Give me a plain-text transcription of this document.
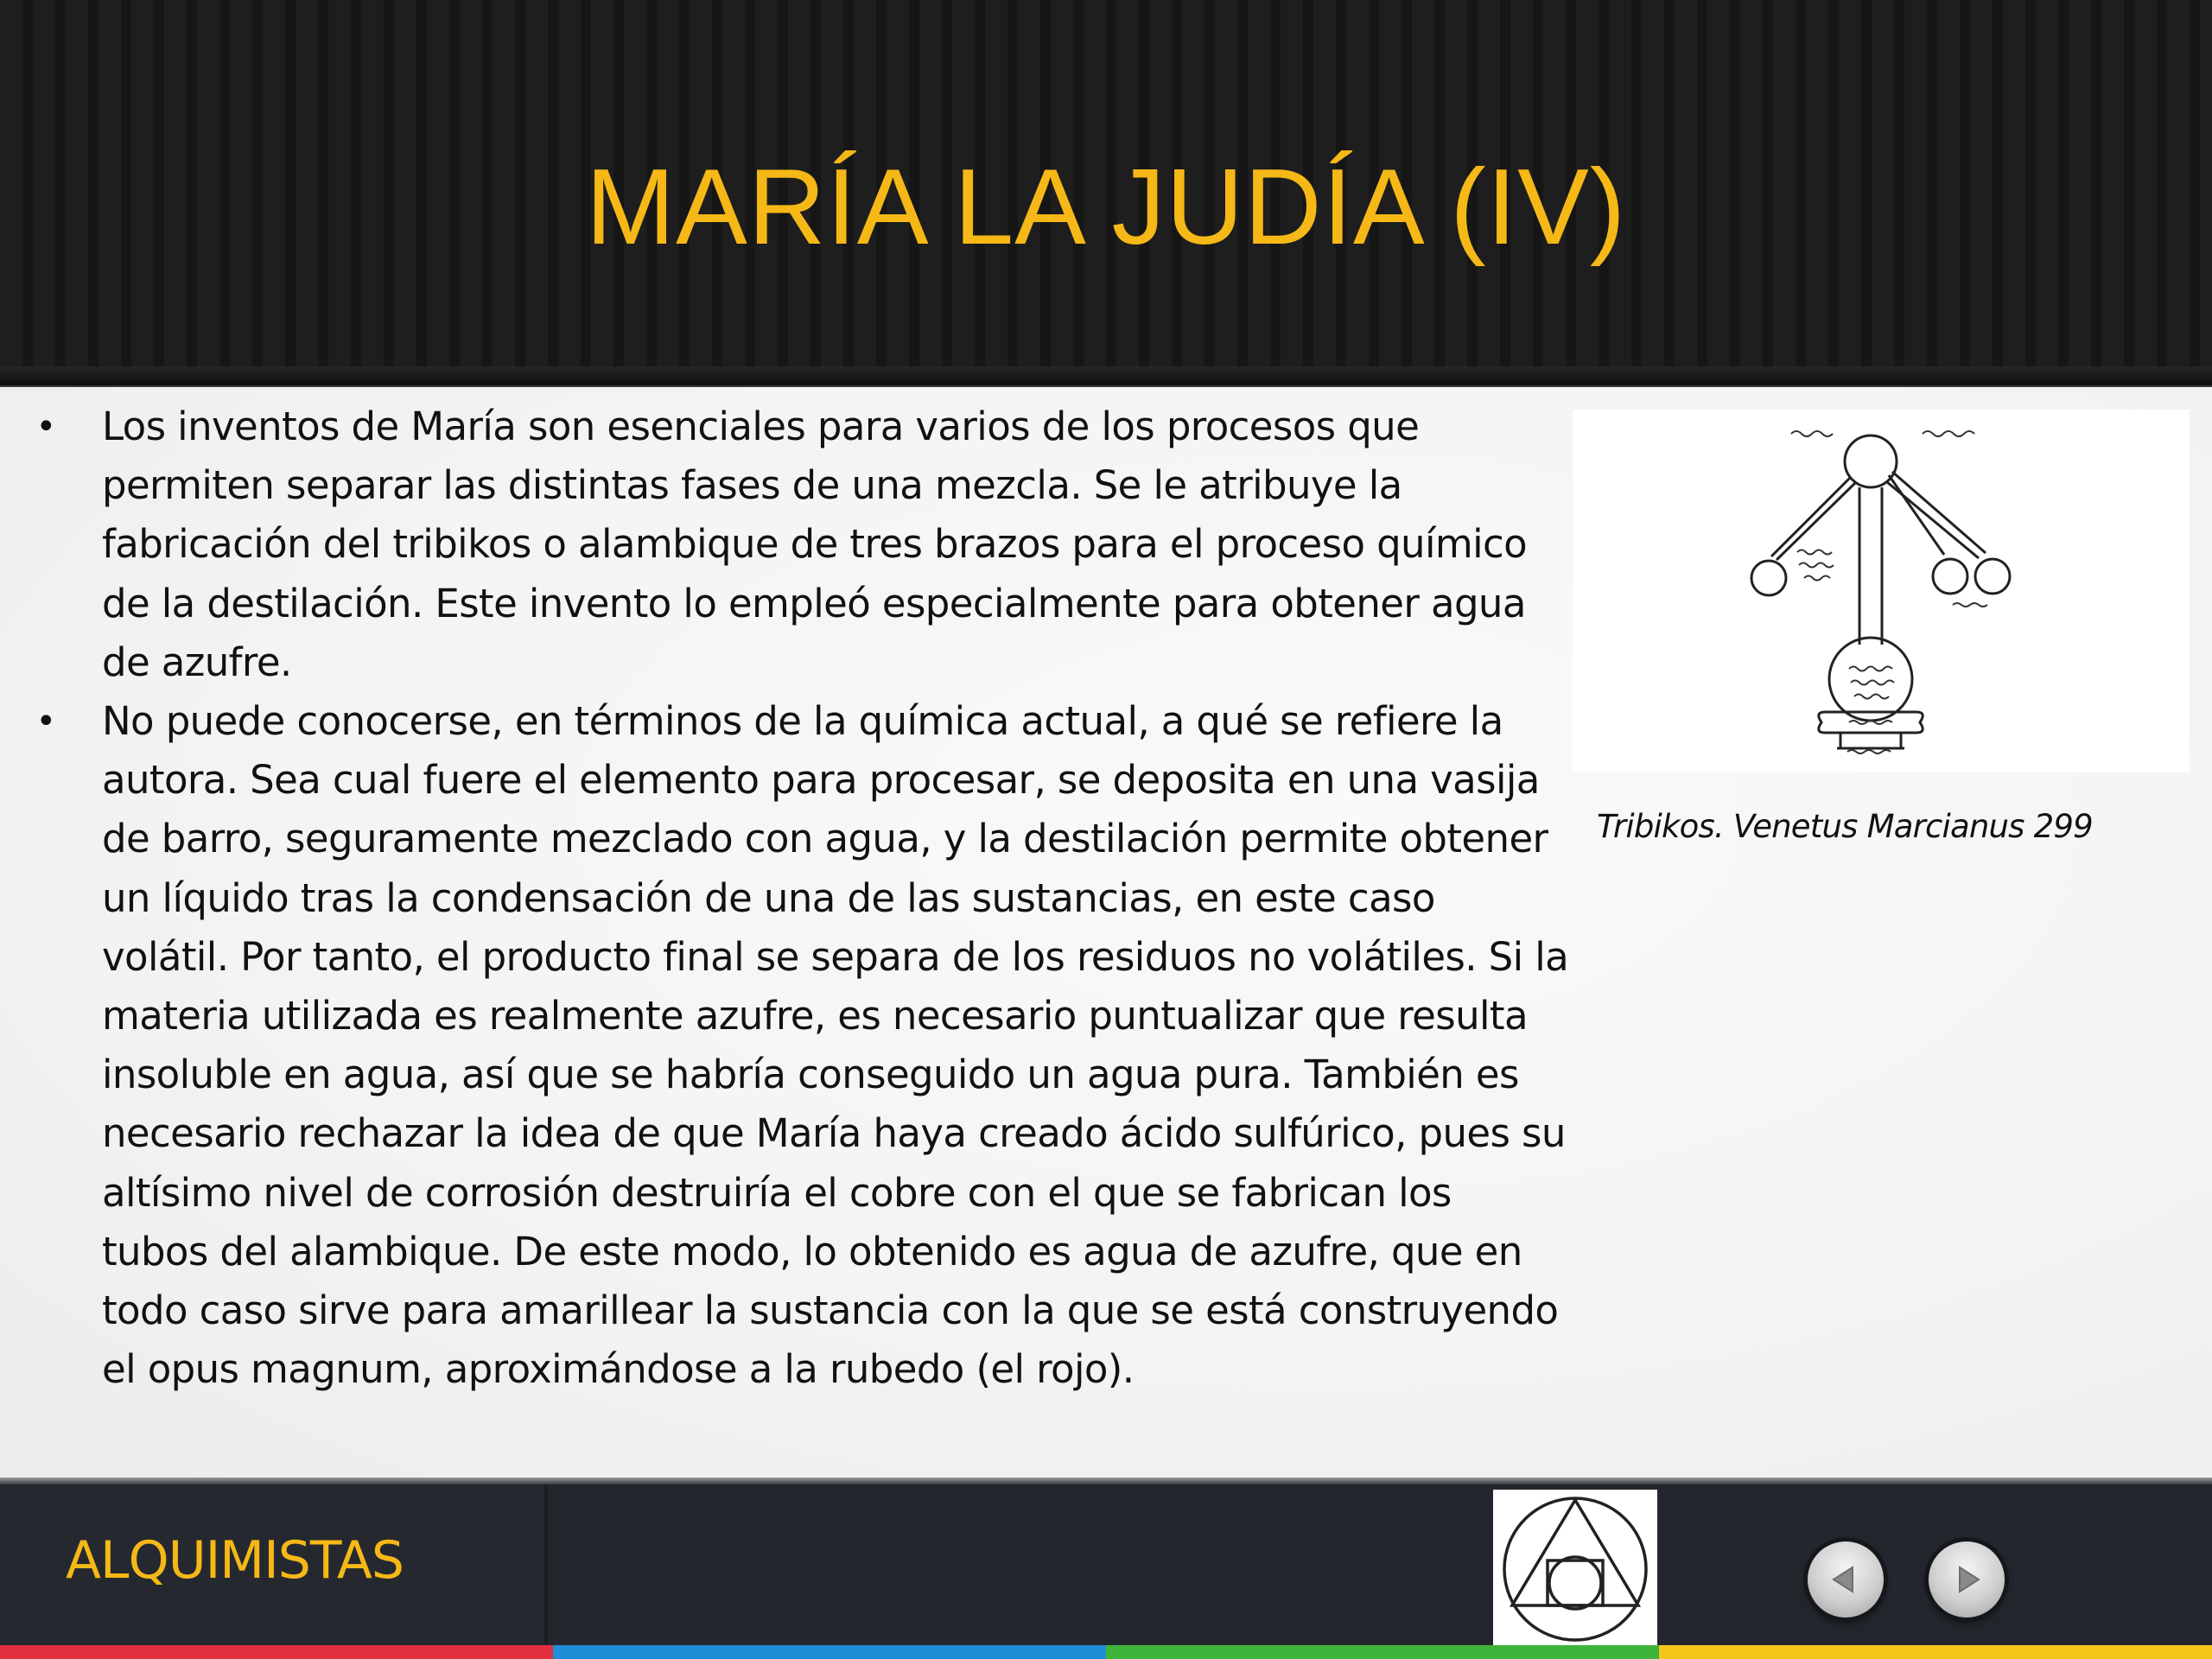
MARÍA LA JUDÍA (IV)
• Los inventos de María son esenciales para varios de los procesos que permiten separar las distintas fases de una mezcla. Se le atribuye la fabricación del tribikos o alambique de tres brazos para el proceso químico de la destilación. Este invento lo empleó especialmente para obtener agua de azufre.
• No puede conocerse, en términos de la química actual, a qué se refiere la autora. Sea cual fuere el elemento para procesar, se deposita en una vasija de barro, seguramente mezclado con agua, y la destilación permite obtener un líquido tras la condensación de una de las sustancias, en este caso volátil. Por tanto, el producto final se separa de los residuos no volátiles. Si la materia utilizada es realmente azufre, es necesario puntualizar que resulta insoluble en agua, así que se habría conseguido un agua pura. También es necesario rechazar la idea de que María haya creado ácido sulfúrico, pues su altísimo nivel de corrosión destruiría el cobre con el que se fabrican los tubos del alambique. De este modo, lo obtenido es agua de azufre, que en todo caso sirve para amarillear la sustancia con la que se está construyendo el opus magnum, aproximándose a la rubedo (el rojo).
Tribikos. Venetus Marcianus 299
ALQUIMISTAS
